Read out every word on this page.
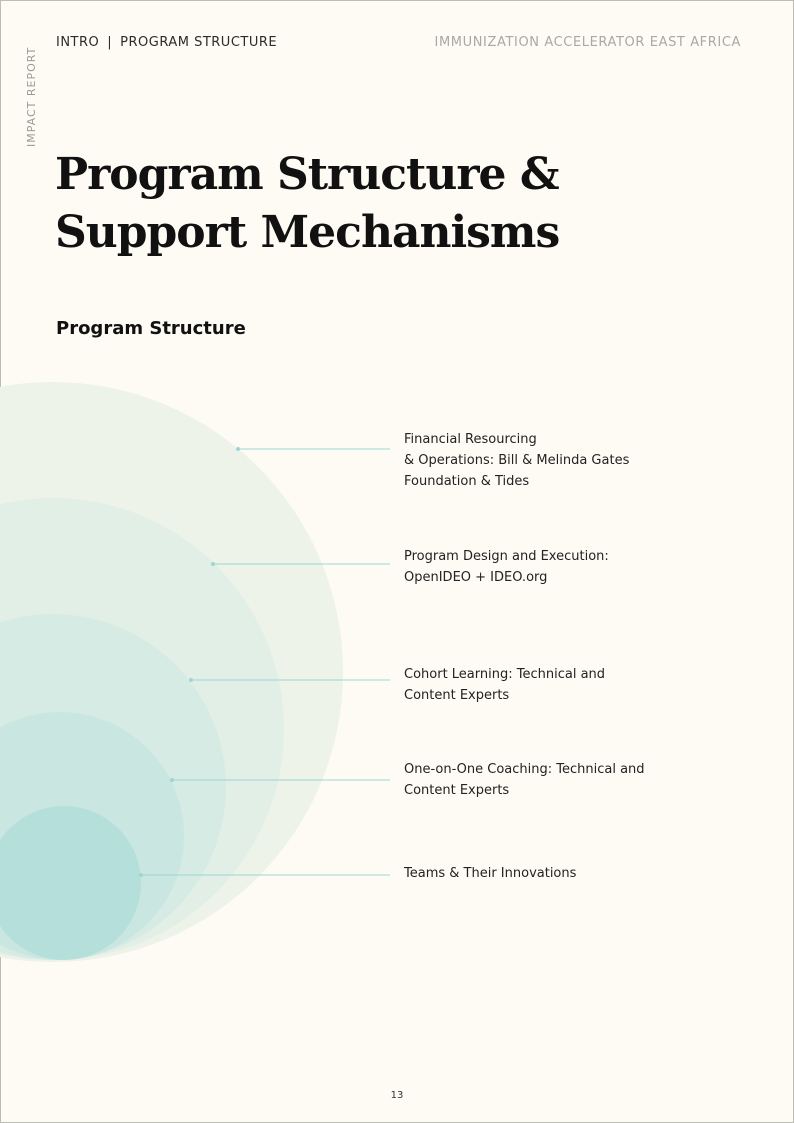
IMPACT REPORT
INTRO | PROGRAM STRUCTURE	IMMUNIZATION ACCELERATOR EAST AFRICA
Program Structure &
Support Mechanisms
Program Structure

Financial Resourcing
& Operations: Bill & Melinda Gates
Foundation & Tides

Program Design and Execution:
OpenIDEO + IDEO.org

Cohort Learning: Technical and
Content Experts

One-on-One Coaching: Technical and
Content Experts

Teams & Their Innovations

13
